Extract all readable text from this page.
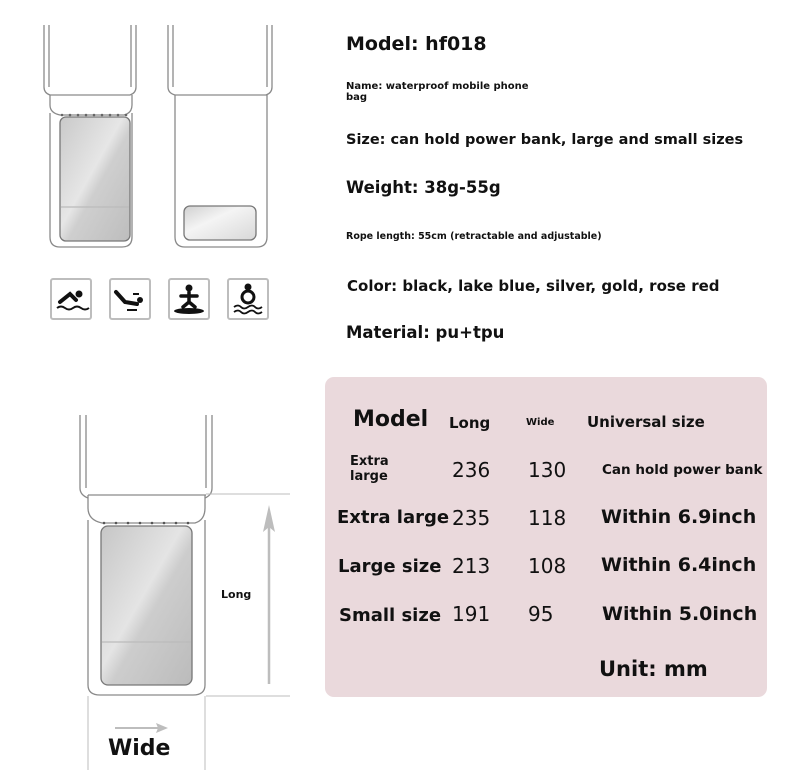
Model: hf018
Name: waterproof mobile phone bag
Size: can hold power bank, large and small sizes
Weight: 38g-55g
Rope length: 55cm (retractable and adjustable)
Color: black, lake blue, silver, gold, rose red
Material: pu+tpu
Long
Wide
Model Long	Wide Universal size
Extra large	236 130	Can hold power bank
Extra large 235 118 Within 6.9inch
Large size 213 108 Within 6.4inch
Small size 191 95	Within 5.0inch
Unit: mm
